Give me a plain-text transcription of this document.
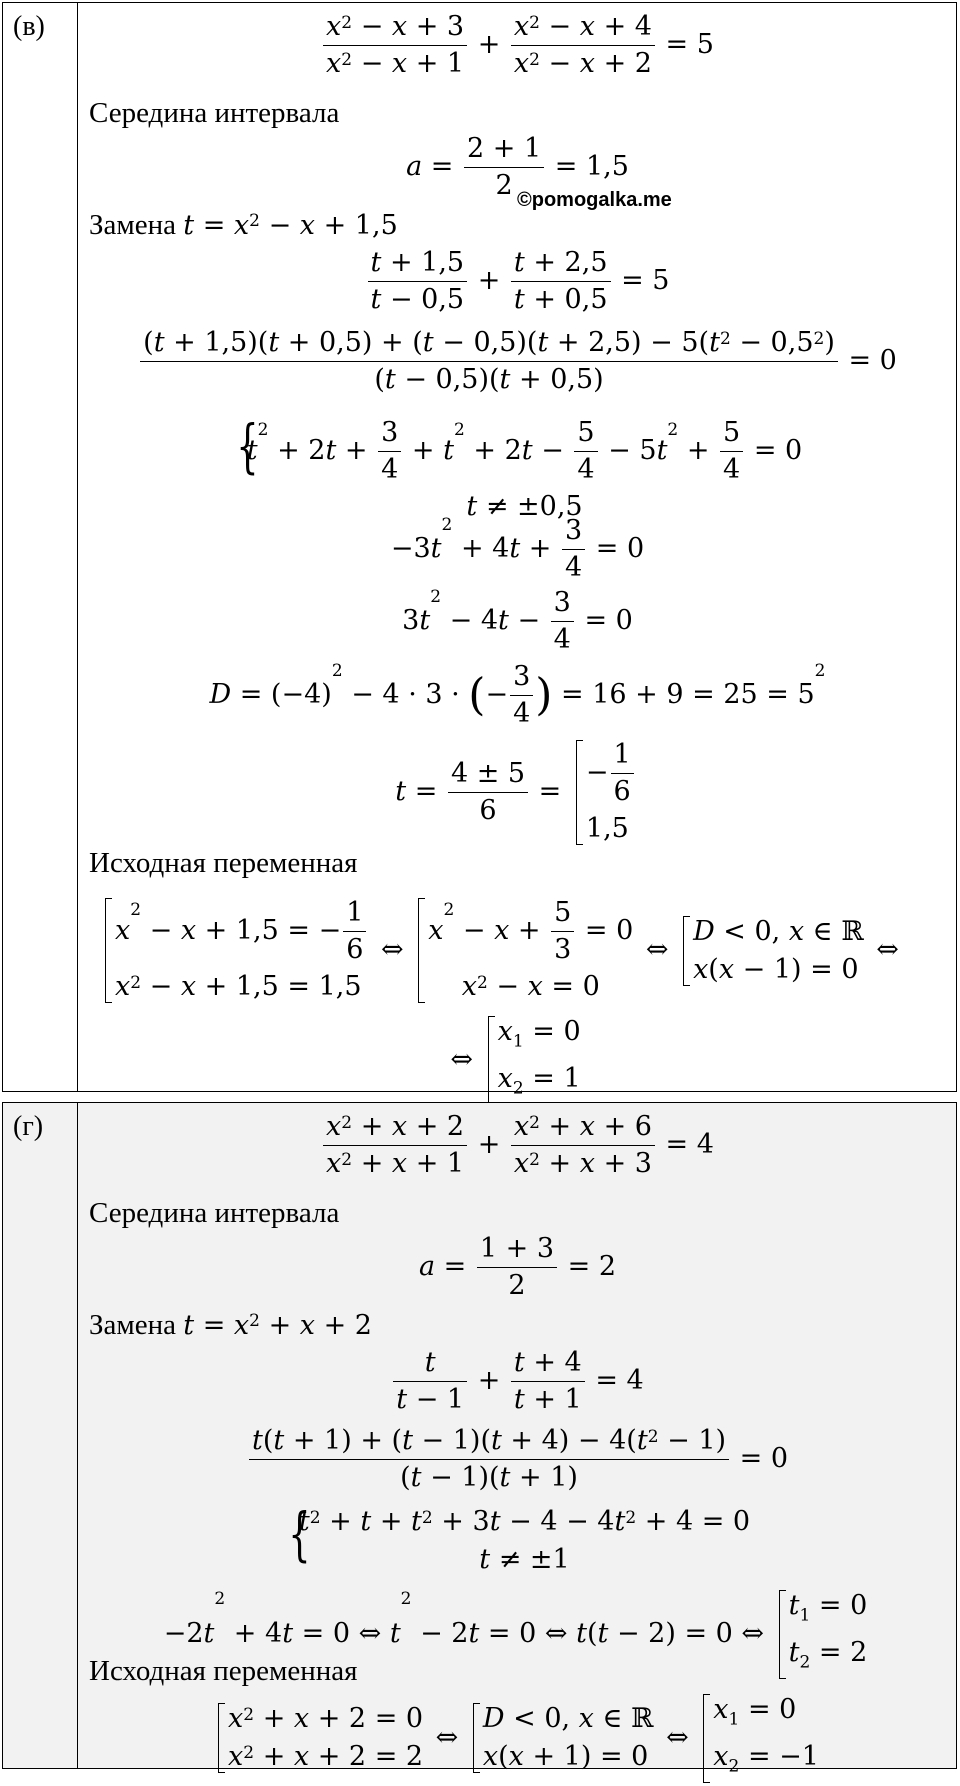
(в)	$\frac{x^2 - x + 3}{x^2 - x + 1} + \frac{x^2 - x + 4}{x^2 - x + 2} = 5$
Середина интервала
$a = \frac{2 + 1}{2} = 1,5$
©pomogalka.me
Замена $t = x^2 - x + 1,5$
$\frac{t + 1,5}{t - 0,5} + \frac{t + 2,5}{t + 0,5} = 5$
$\frac{(t + 1,5)(t + 0,5) + (t - 0,5)(t + 2,5) - 5(t^2 - 0,5^2)}{(t - 0,5)(t + 0,5)} = 0$
{ $t^2 + 2t + \frac{3}{4} + t^2 + 2t - \frac{5}{4} - 5t^2 + \frac{5}{4} = 0$
t ≠ ±0,5
$-3t^2 + 4t + \frac{3}{4} = 0$
$3t^2 - 4t - \frac{3}{4} = 0$
$D = (-4)^2 - 4 \cdot 3$ · (− $\frac{3}{4}$ ) = $16 + 9 = 25 = 5^2$
$t = \frac{4 \pm 5}{6}$ =
− $\frac{1}{6}$
1,5
Исходная переменная
$x^2 - x + 1,5$ = − $\frac{1}{6}$
$x^2 - x + 1,5 = 1,5$
⇔
$x^2 - x + \frac{5}{3} = 0$
$x^2 - x = 0$
⇔
D < 0, x ∈ ℝ
x(x − 1) = 0
⇔
⇔
$x_1 = 0$
$x_2 = 1$
(г)	$\frac{x^2 + x + 2}{x^2 + x + 1} + \frac{x^2 + x + 6}{x^2 + x + 3} = 4$
Середина интервала
$a = \frac{1 + 3}{2} = 2$
Замена $t = x^2 + x + 2$
$\frac{t}{t - 1} + \frac{t + 4}{t + 1} = 4$
$\frac{t(t + 1) + (t - 1)(t + 4) - 4(t^2 - 1)}{(t - 1)(t + 1)} = 0$
{ $t^2 + t + t^2 + 3t - 4 - 4t^2 + 4 = 0$
t ≠ ±1
$-2t^2 + 4t = 0$ ⇔ $t^2 - 2t = 0$ ⇔ t(t − 2) = 0 ⇔
$t_1 = 0$
$t_2 = 2$
Исходная переменная
$x^2 + x + 2 = 0$
$x^2 + x + 2 = 2$
⇔
D < 0, x ∈ ℝ
x(x + 1) = 0
⇔
$x_1 = 0$
$x_2 = -1$
